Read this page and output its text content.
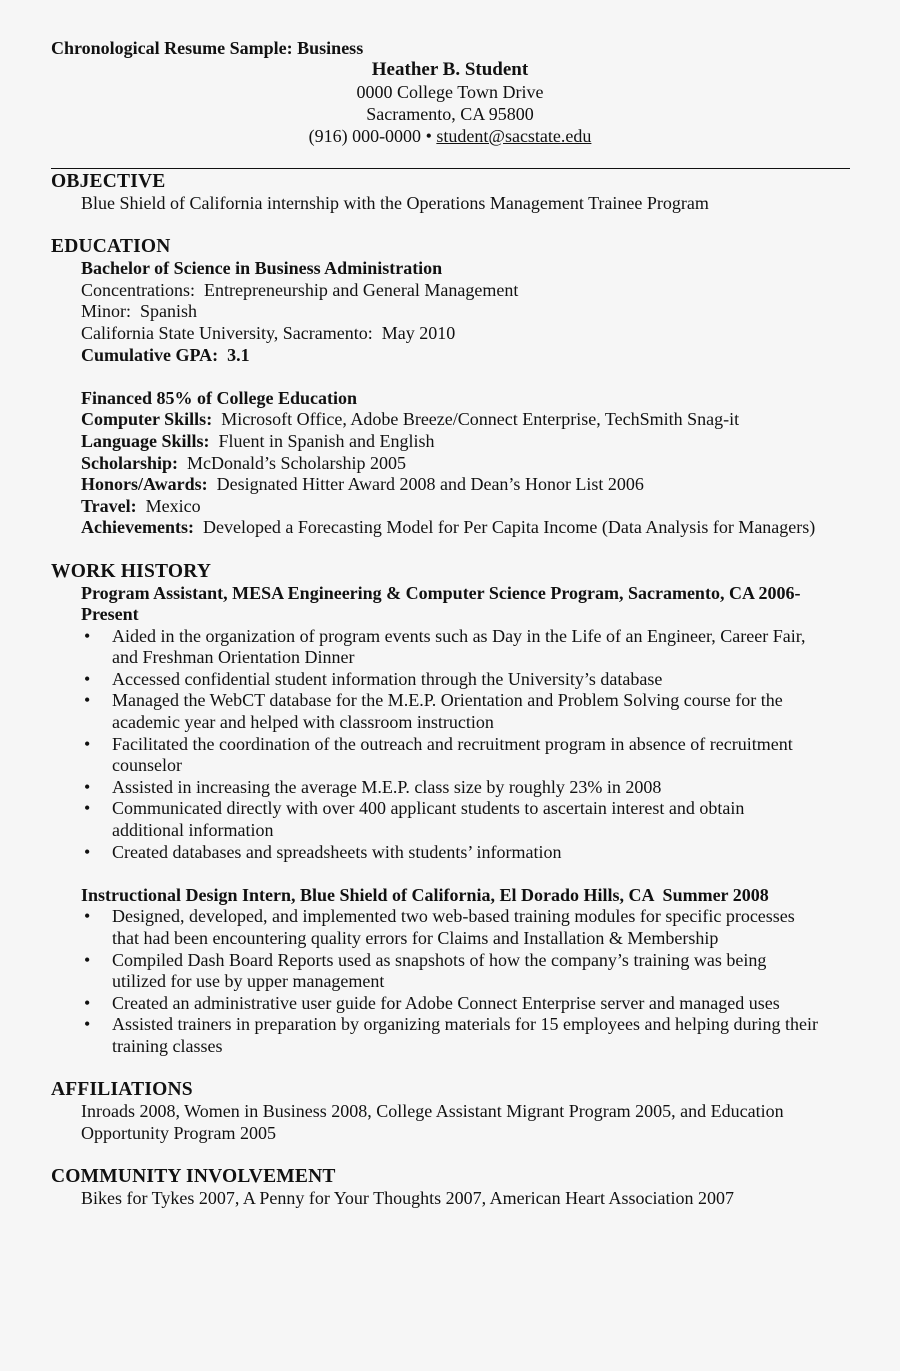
Chronological Resume Sample: Business
Heather B. Student
0000 College Town Drive
Sacramento, CA 95800
(916) 000-0000 • student@sacstate.edu
OBJECTIVE
Blue Shield of California internship with the Operations Management Trainee Program
EDUCATION
Bachelor of Science in Business Administration
Concentrations:  Entrepreneurship and General Management
Minor:  Spanish
California State University, Sacramento:  May 2010
Cumulative GPA:  3.1
Financed 85% of College Education
Computer Skills:  Microsoft Office, Adobe Breeze/Connect Enterprise, TechSmith Snag-it
Language Skills:  Fluent in Spanish and English
Scholarship:  McDonald’s Scholarship 2005
Honors/Awards:  Designated Hitter Award 2008 and Dean’s Honor List 2006
Travel:  Mexico
Achievements:  Developed a Forecasting Model for Per Capita Income (Data Analysis for Managers)
WORK HISTORY
Program Assistant, MESA Engineering & Computer Science Program, Sacramento, CA 2006-
Present
• Aided in the organization of program events such as Day in the Life of an Engineer, Career Fair,
and Freshman Orientation Dinner
• Accessed confidential student information through the University’s database
• Managed the WebCT database for the M.E.P. Orientation and Problem Solving course for the
academic year and helped with classroom instruction
• Facilitated the coordination of the outreach and recruitment program in absence of recruitment
counselor
• Assisted in increasing the average M.E.P. class size by roughly 23% in 2008
• Communicated directly with over 400 applicant students to ascertain interest and obtain
additional information
• Created databases and spreadsheets with students’ information
Instructional Design Intern, Blue Shield of California, El Dorado Hills, CA  Summer 2008
• Designed, developed, and implemented two web-based training modules for specific processes
that had been encountering quality errors for Claims and Installation & Membership
• Compiled Dash Board Reports used as snapshots of how the company’s training was being
utilized for use by upper management
• Created an administrative user guide for Adobe Connect Enterprise server and managed uses
• Assisted trainers in preparation by organizing materials for 15 employees and helping during their
training classes
AFFILIATIONS
Inroads 2008, Women in Business 2008, College Assistant Migrant Program 2005, and Education
Opportunity Program 2005
COMMUNITY INVOLVEMENT
Bikes for Tykes 2007, A Penny for Your Thoughts 2007, American Heart Association 2007
